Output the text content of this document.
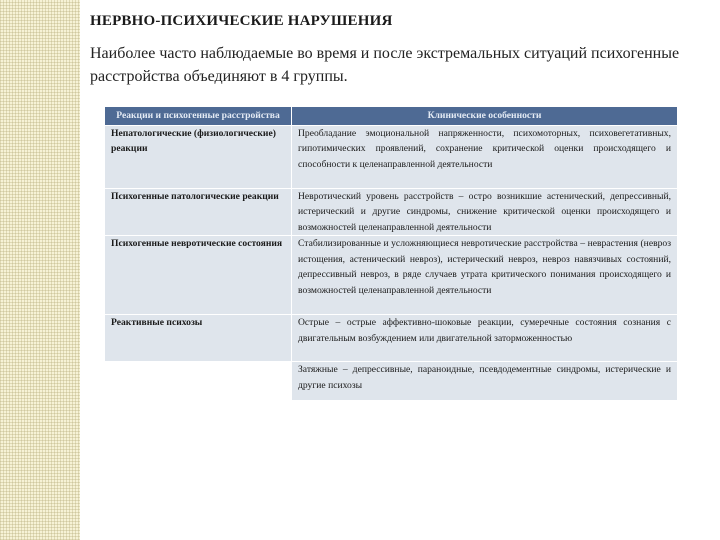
НЕРВНО-ПСИХИЧЕСКИЕ НАРУШЕНИЯ

Наиболее часто наблюдаемые во время и после экстремальных ситуаций психогенные расстройства объединяют в 4 группы.

Реакции и психогенные расстройства	Клинические особенности
Непатологические (физиологические) реакции	Преобладание эмоциональной напряженности, психомоторных, психовегетативных, гипотимических проявлений, сохранение критической оценки происходящего и способности к целенаправленной деятельности
Психогенные патологические реакции	Невротический уровень расстройств – остро возникшие астенический, депрессивный, истерический и другие синдромы, снижение критической оценки происходящего и возможностей целенаправленной деятельности
Психогенные невротические состояния	Стабилизированные и усложняющиеся невротические расстройства – неврастения (невроз истощения, астенический невроз), истерический невроз, невроз навязчивых состояний, депрессивный невроз, в ряде случаев утрата критического понимания происходящего и возможностей целенаправленной деятельности
Реактивные психозы	Острые – острые аффективно-шоковые реакции, сумеречные состояния сознания с двигательным возбуждением или двигательной заторможенностью
	Затяжные – депрессивные, параноидные, псевдодементные синдромы, истерические и другие психозы
